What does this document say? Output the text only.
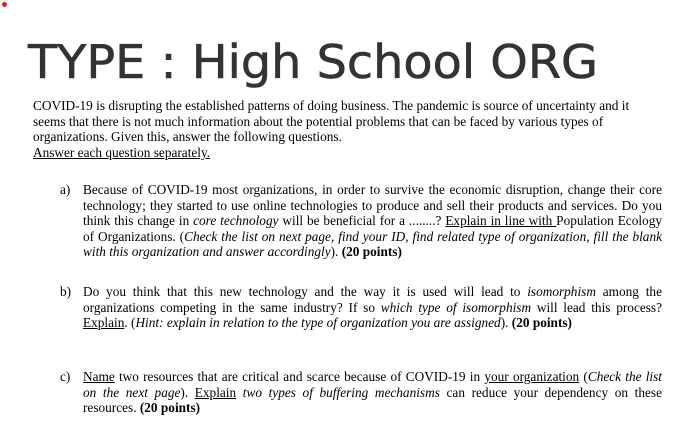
TYPE : High School ORG
COVID-19 is disrupting the established patterns of doing business. The pandemic is source of uncertainty and it seems that there is not much information about the potential problems that can be faced by various types of organizations. Given this, answer the following questions.
Answer each question separately.
a) Because of COVID-19 most organizations, in order to survive the economic disruption, change their core technology; they started to use online technologies to produce and sell their products and services. Do you think this change in core technology will be beneficial for a ........? Explain in line with Population Ecology of Organizations. (Check the list on next page, find your ID, find related type of organization, fill the blank with this organization and answer accordingly). (20 points)
b) Do you think that this new technology and the way it is used will lead to isomorphism among the organizations competing in the same industry? If so which type of isomorphism will lead this process? Explain. (Hint: explain in relation to the type of organization you are assigned). (20 points)
c) Name two resources that are critical and scarce because of COVID-19 in your organization (Check the list on the next page). Explain two types of buffering mechanisms can reduce your dependency on these resources. (20 points)
